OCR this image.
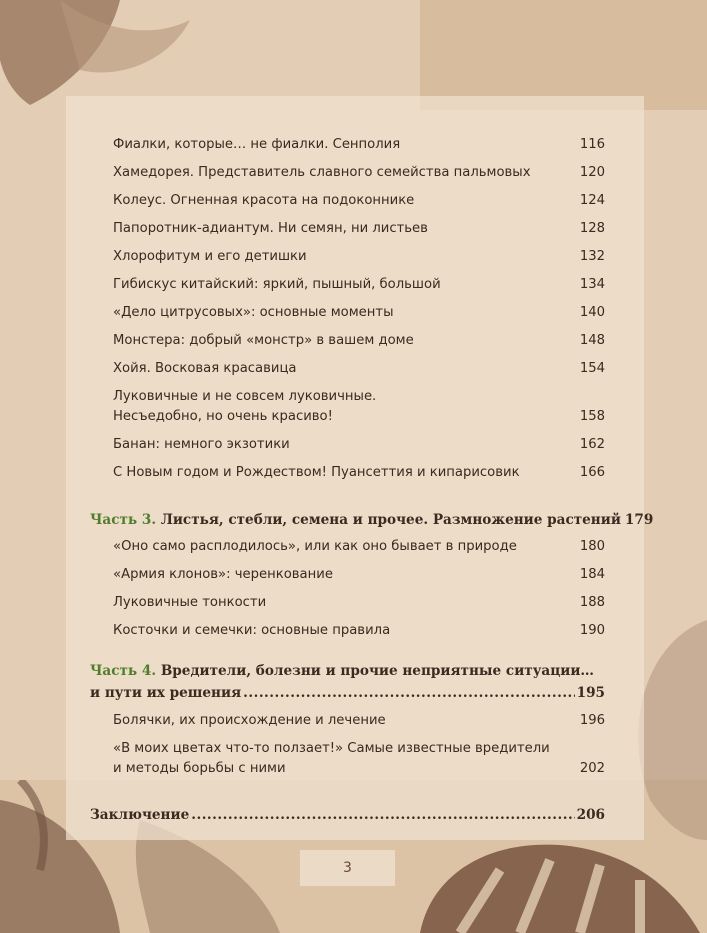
Фиалки, которые… не фиалки. Сенполия	116
Хамедорея. Представитель славного семейства пальмовых	120
Колеус. Огненная красота на подоконнике	124
Папоротник-адиантум. Ни семян, ни листьев	128
Хлорофитум и его детишки	132
Гибискус китайский: яркий, пышный, большой	134
«Дело цитрусовых»: основные моменты	140
Монстера: добрый «монстр» в вашем доме	148
Хойя. Восковая красавица	154
Луковичные и не совсем луковичные.
Несъедобно, но очень красиво!	158
Банан: немного экзотики	162
С Новым годом и Рождеством! Пуансеттия и кипарисовик	166
Часть 3. Листья, стебли, семена и прочее. Размножение растений 179
«Оно само расплодилось», или как оно бывает в природе	180
«Армия клонов»: черенкование	184
Луковичные тонкости	188
Косточки и семечки: основные правила	190
Часть 4. Вредители, болезни и прочие неприятные ситуации…
и пути их решения .....	195
Болячки, их происхождение и лечение	196
«В моих цветах что-то ползает!» Самые известные вредители
и методы борьбы с ними	202
Заключение .....	206
3
